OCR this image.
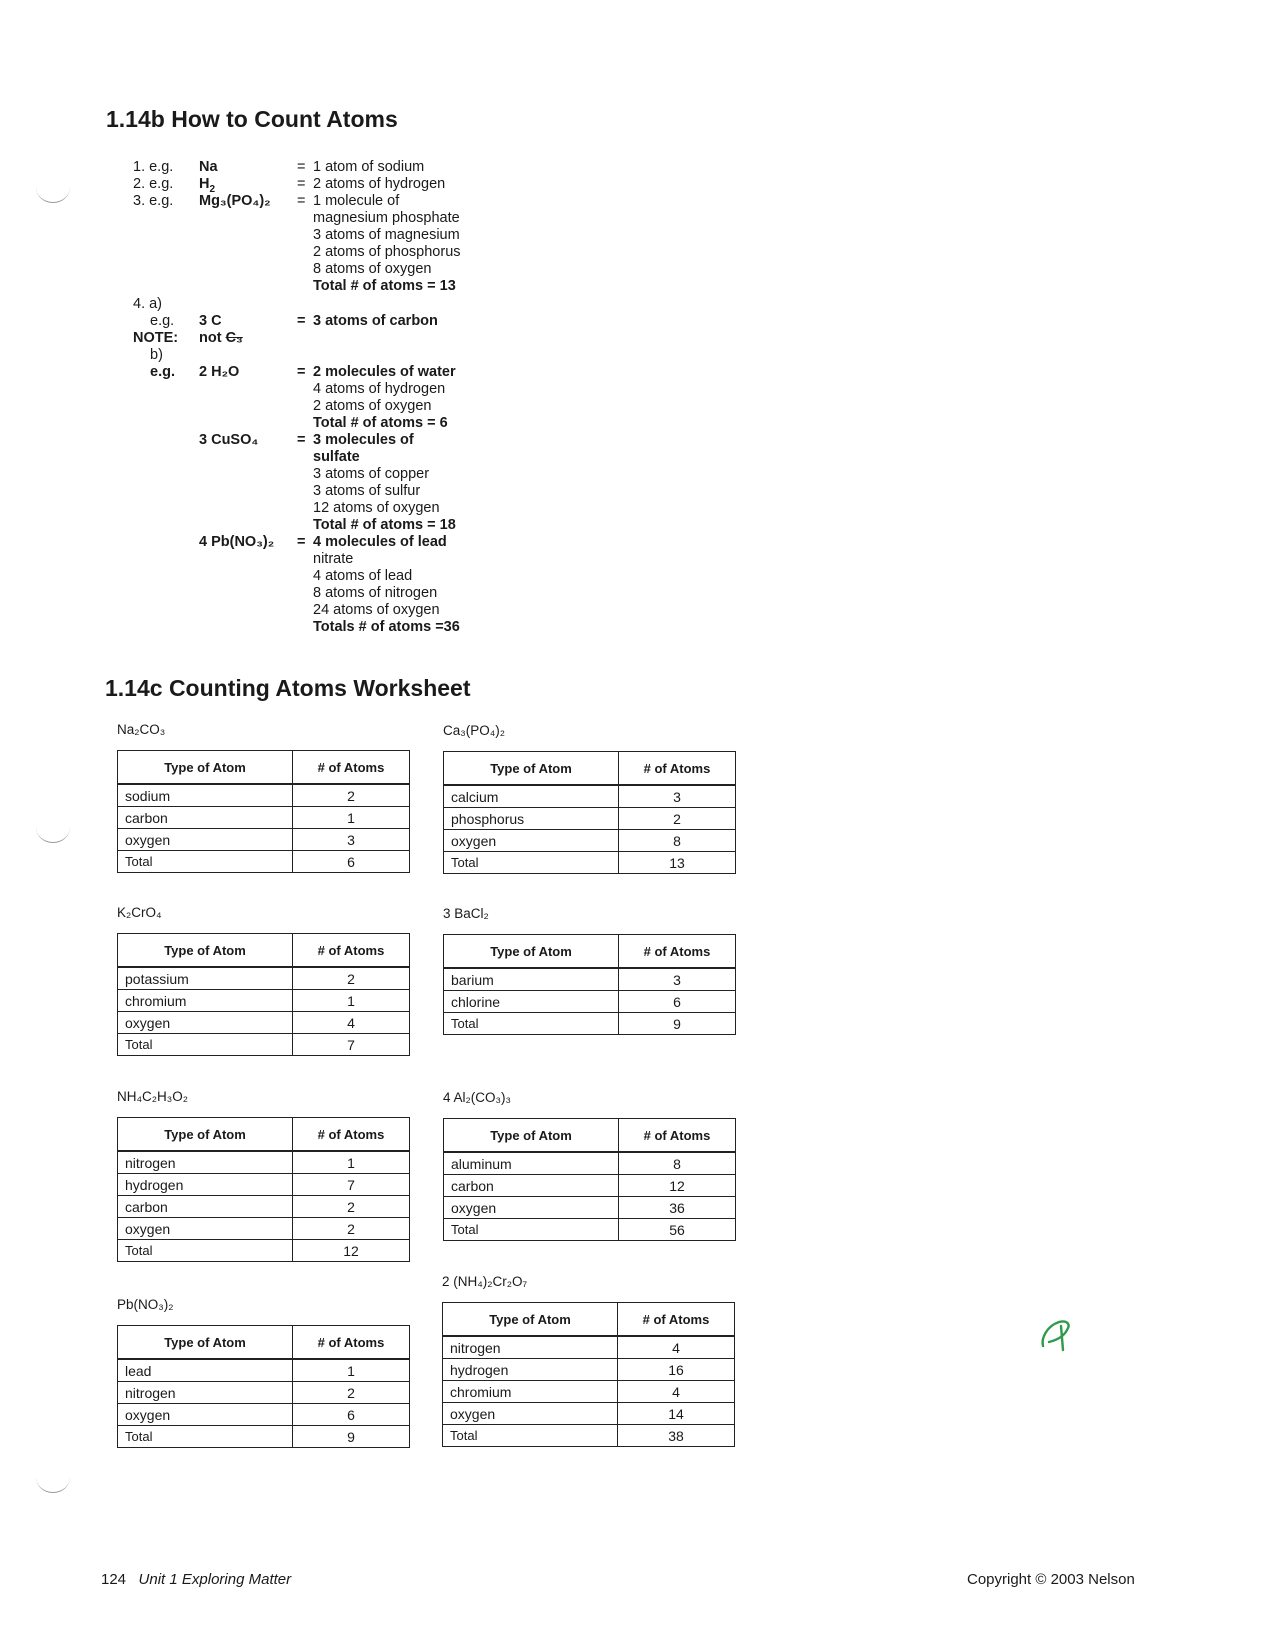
1.14b How to Count Atoms
1. e.g. Na	= 1 atom of sodium
2. e.g. $H_2$	= 2 atoms of hydrogen
3. e.g. Mg₃(PO₄)₂ = 1 molecule of
magnesium phosphate
3 atoms of magnesium
2 atoms of phosphorus
8 atoms of oxygen
Total # of atoms = 13
4. a)
e.g. 3 C	= 3 atoms of carbon
NOTE: not C₃
b)
e.g. 2 H₂O	= 2 molecules of water
4 atoms of hydrogen
2 atoms of oxygen
Total # of atoms = 6
3 CuSO₄	= 3 molecules of
sulfate
3 atoms of copper
3 atoms of sulfur
12 atoms of oxygen
Total # of atoms = 18
4 Pb(NO₃)₂ = 4 molecules of lead
nitrate
4 atoms of lead
8 atoms of nitrogen
24 atoms of oxygen
Totals # of atoms =36
1.14c Counting Atoms Worksheet
Na₂CO₃
Type of Atom	# of Atoms
sodium	2
carbon	1
oxygen	3
Total	6
Ca₃(PO₄)₂
Type of Atom	# of Atoms
calcium	3
phosphorus	2
oxygen	8
Total	13
K₂CrO₄
Type of Atom	# of Atoms
potassium	2
chromium	1
oxygen	4
Total	7
3 BaCl₂
Type of Atom	# of Atoms
barium	3
chlorine	6
Total	9
NH₄C₂H₃O₂
Type of Atom	# of Atoms
nitrogen	1
hydrogen	7
carbon	2
oxygen	2
Total	12
4 Al₂(CO₃)₃
Type of Atom	# of Atoms
aluminum	8
carbon	12
oxygen	36
Total	56
Pb(NO₃)₂
Type of Atom	# of Atoms
lead	1
nitrogen	2
oxygen	6
Total	9
2 (NH₄)₂Cr₂O₇
Type of Atom	# of Atoms
nitrogen	4
hydrogen	16
chromium	4
oxygen	14
Total	38
124 Unit 1 Exploring Matter	Copyright © 2003 Nelson
